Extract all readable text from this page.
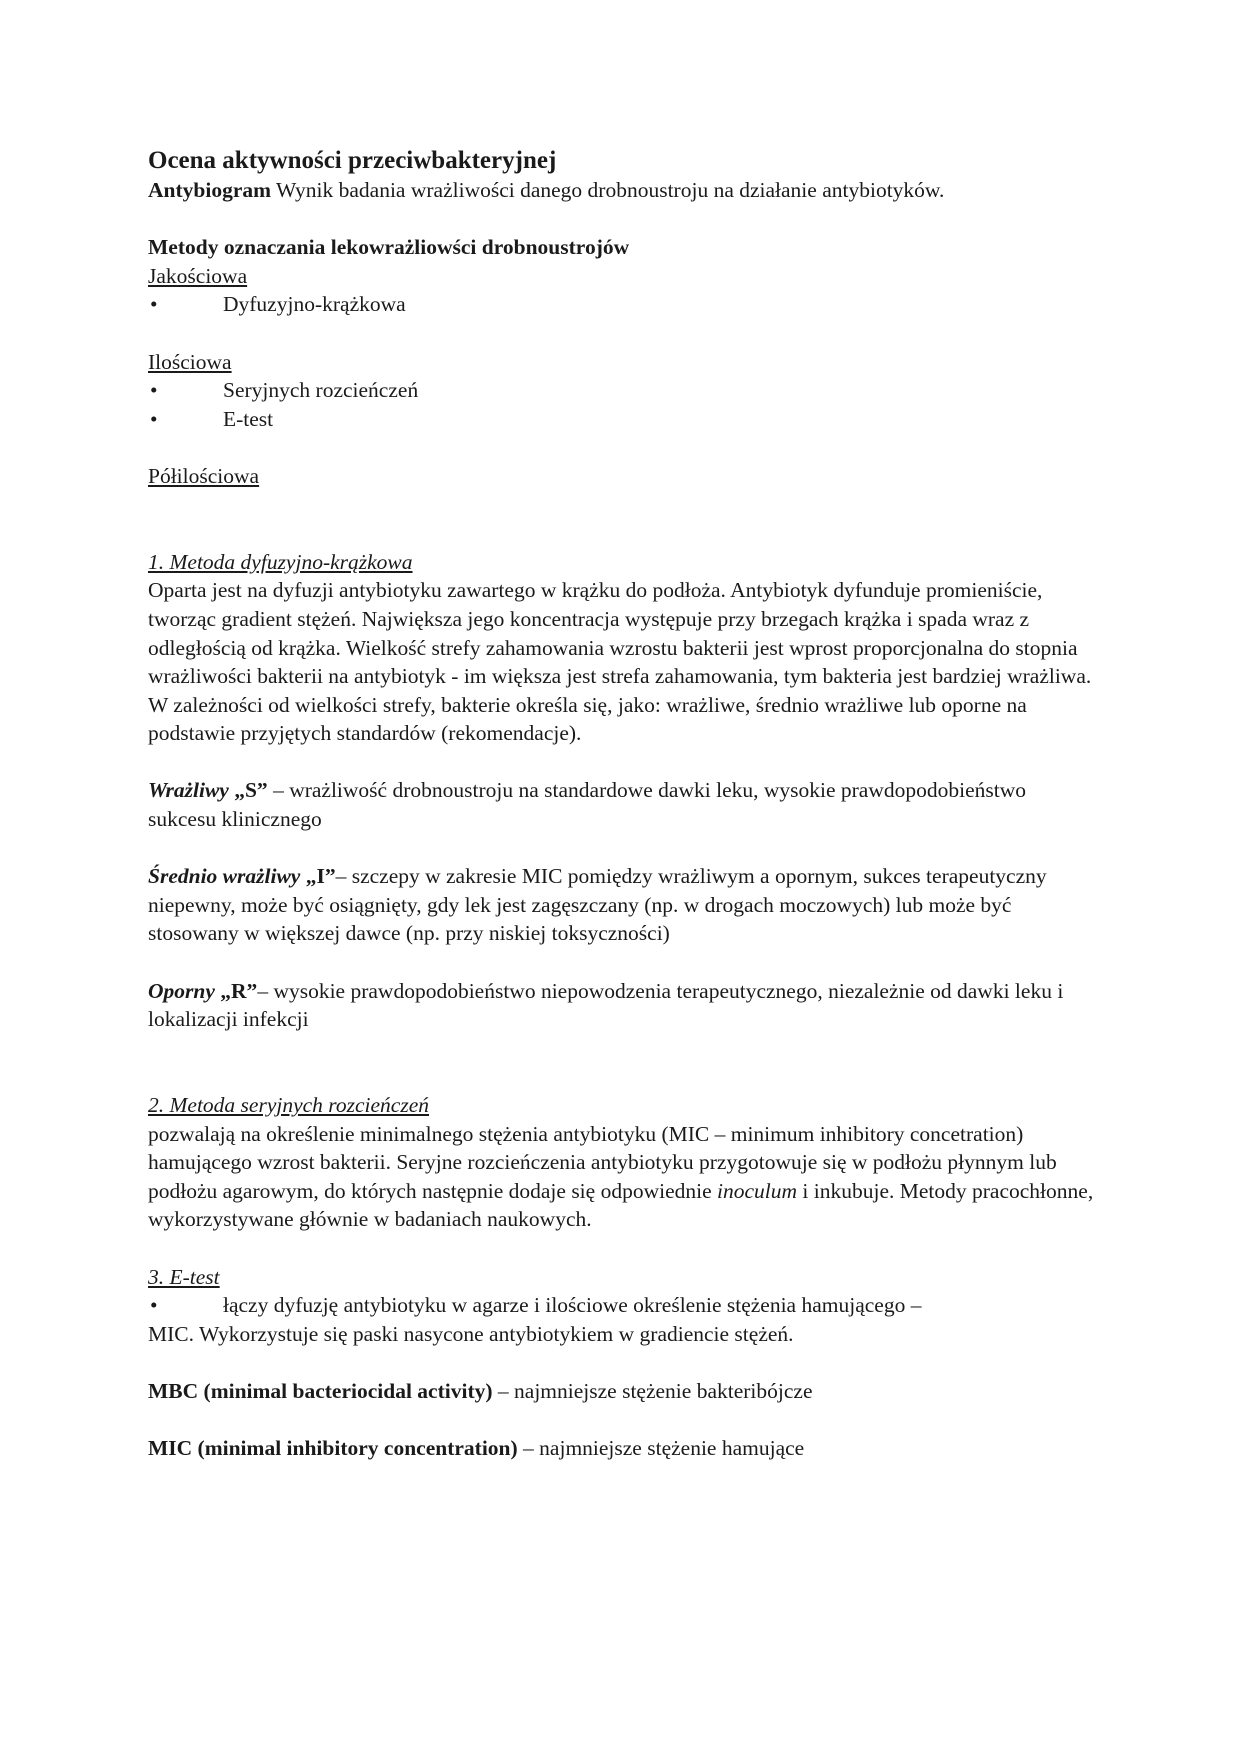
Ocena aktywności przeciwbakteryjnej

Antybiogram Wynik badania wrażliwości danego drobnoustroju na działanie antybiotyków.

Metody oznaczania lekowrażliowści drobnoustrojów

Jakościowa

•	Dyfuzyjno-krążkowa

Ilościowa

•	Seryjnych rozcieńczeń
•	E-test

Półilościowa

1. Metoda dyfuzyjno-krążkowa

Oparta jest na dyfuzji antybiotyku zawartego w krążku do podłoża. Antybiotyk dyfunduje promieniście, tworząc gradient stężeń. Największa jego koncentracja występuje przy brzegach krążka i spada wraz z odległością od krążka. Wielkość strefy zahamowania wzrostu bakterii jest wprost proporcjonalna do stopnia wrażliwości bakterii na antybiotyk - im większa jest strefa zahamowania, tym bakteria jest bardziej wrażliwa. W zależności od wielkości strefy, bakterie określa się, jako: wrażliwe, średnio wrażliwe lub oporne na podstawie przyjętych standardów (rekomendacje).

Wrażliwy „S” – wrażliwość drobnoustroju na standardowe dawki leku, wysokie prawdopodobieństwo sukcesu klinicznego

Średnio wrażliwy „I”– szczepy w zakresie MIC pomiędzy wrażliwym a opornym, sukces terapeutyczny niepewny, może być osiągnięty, gdy lek jest zagęszczany (np. w drogach moczowych) lub może być stosowany w większej dawce (np. przy niskiej toksyczności)

Oporny „R”– wysokie prawdopodobieństwo niepowodzenia terapeutycznego, niezależnie od dawki leku i lokalizacji infekcji

2. Metoda seryjnych rozcieńczeń

pozwalają na określenie minimalnego stężenia antybiotyku (MIC – minimum inhibitory concetration) hamującego wzrost bakterii. Seryjne rozcieńczenia antybiotyku przygotowuje się w podłożu płynnym lub podłożu agarowym, do których następnie dodaje się odpowiednie inoculum i inkubuje. Metody pracochłonne, wykorzystywane głównie w badaniach naukowych.

3. E-test

•	łączy dyfuzję antybiotyku w agarze i ilościowe określenie stężenia hamującego –

MIC. Wykorzystuje się paski nasycone antybiotykiem w gradiencie stężeń.

MBC (minimal bacteriocidal activity) – najmniejsze stężenie bakteribójcze

MIC (minimal inhibitory concentration) – najmniejsze stężenie hamujące
